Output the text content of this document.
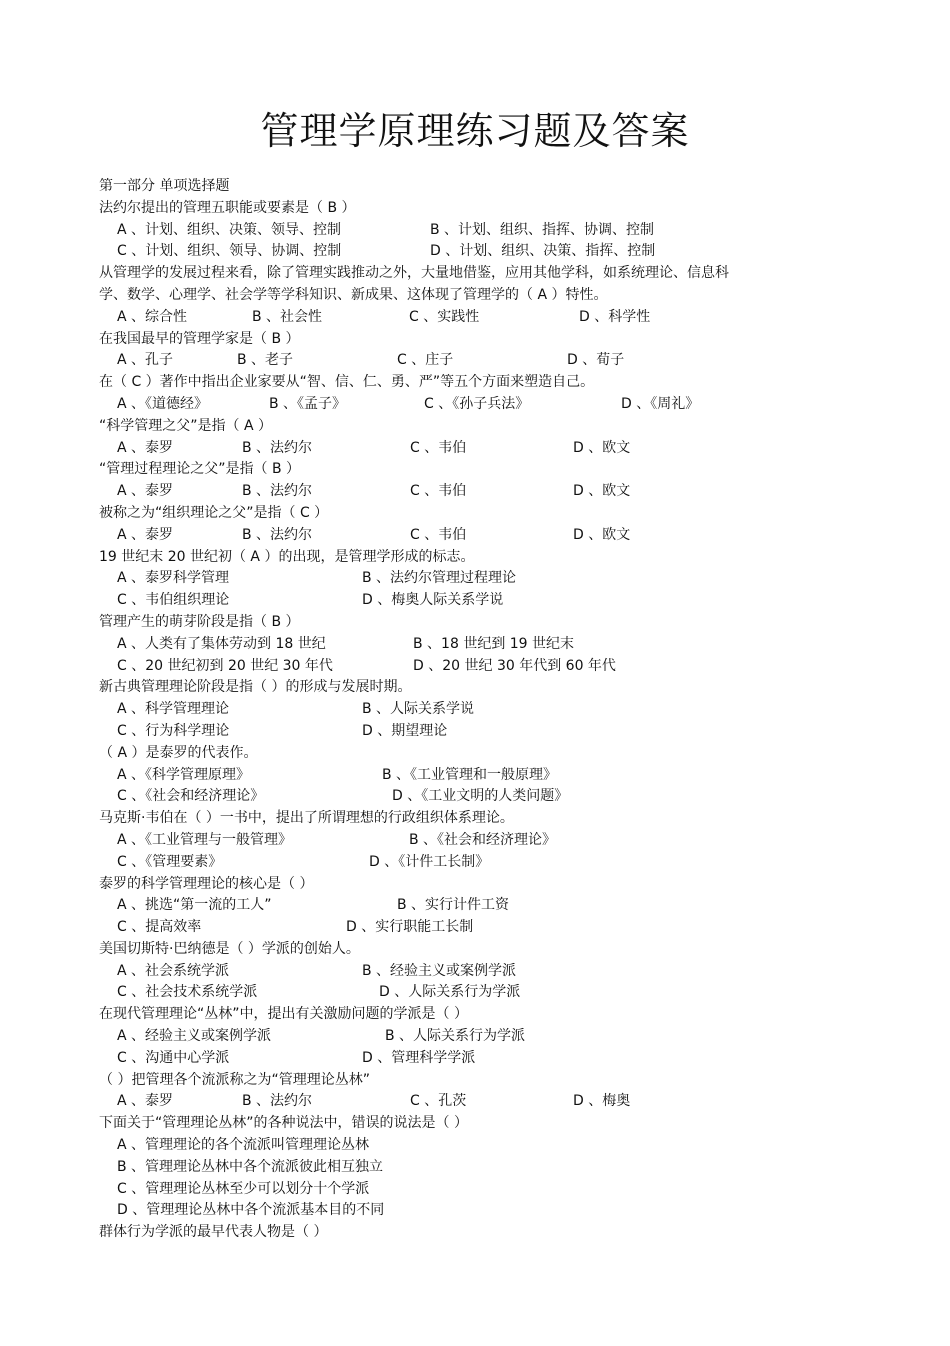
管理学原理练习题及答案
第一部分 单项选择题
法约尔提出的管理五职能或要素是（ B ）
A 、计划、组织、决策、领导、控制	B 、计划、组织、指挥、协调、控制
C 、计划、组织、领导、协调、控制	D 、计划、组织、决策、指挥、控制
从管理学的发展过程来看，除了管理实践推动之外，大量地借鉴，应用其他学科，如系统理论、信息科
学、数学、心理学、社会学等学科知识、新成果、这体现了管理学的（ A ）特性。
A 、综合性	B 、社会性	C 、实践性	D 、科学性
在我国最早的管理学家是（ B ）
A 、孔子	B 、老子	C 、庄子	D 、荀子
在（ C ）著作中指出企业家要从“智、信、仁、勇、严”等五个方面来塑造自己。
A 、《道德经》	B 、《孟子》	C 、《孙子兵法》	D 、《周礼》
“科学管理之父”是指（ A ）
A 、泰罗	B 、法约尔	C 、韦伯	D 、欧文
“管理过程理论之父”是指（ B ）
A 、泰罗	B 、法约尔	C 、韦伯	D 、欧文
被称之为“组织理论之父”是指（ C ）
A 、泰罗	B 、法约尔	C 、韦伯	D 、欧文
19 世纪末 20 世纪初（ A ）的出现，是管理学形成的标志。
A 、泰罗科学管理	B 、法约尔管理过程理论
C 、韦伯组织理论	D 、梅奥人际关系学说
管理产生的萌芽阶段是指（ B ）
A 、人类有了集体劳动到 18 世纪	B 、18 世纪到 19 世纪末
C 、20 世纪初到 20 世纪 30 年代	D 、20 世纪 30 年代到 60 年代
新古典管理理论阶段是指（ ）的形成与发展时期。
A 、科学管理理论	B 、人际关系学说
C 、行为科学理论	D 、期望理论
（ A ）是泰罗的代表作。
A 、《科学管理原理》	B 、《工业管理和一般原理》
C 、《社会和经济理论》	D 、《工业文明的人类问题》
马克斯·韦伯在（ ）一书中，提出了所谓理想的行政组织体系理论。
A 、《工业管理与一般管理》	B 、《社会和经济理论》
C 、《管理要素》	D 、《计件工长制》
泰罗的科学管理理论的核心是（ ）
A 、挑选“第一流的工人”	B 、实行计件工资
C 、提高效率	D 、实行职能工长制
美国切斯特·巴纳德是（ ）学派的创始人。
A 、社会系统学派	B 、经验主义或案例学派
C 、社会技术系统学派	D 、人际关系行为学派
在现代管理理论“丛林”中，提出有关激励问题的学派是（ ）
A 、经验主义或案例学派	B 、人际关系行为学派
C 、沟通中心学派	D 、管理科学学派
（ ）把管理各个流派称之为“管理理论丛林”
A 、泰罗	B 、法约尔	C 、孔茨	D 、梅奥
下面关于“管理理论丛林”的各种说法中，错误的说法是（ ）
A 、管理理论的各个流派叫管理理论丛林
B 、管理理论丛林中各个流派彼此相互独立
C 、管理理论丛林至少可以划分十个学派
D 、管理理论丛林中各个流派基本目的不同
群体行为学派的最早代表人物是（ ）
